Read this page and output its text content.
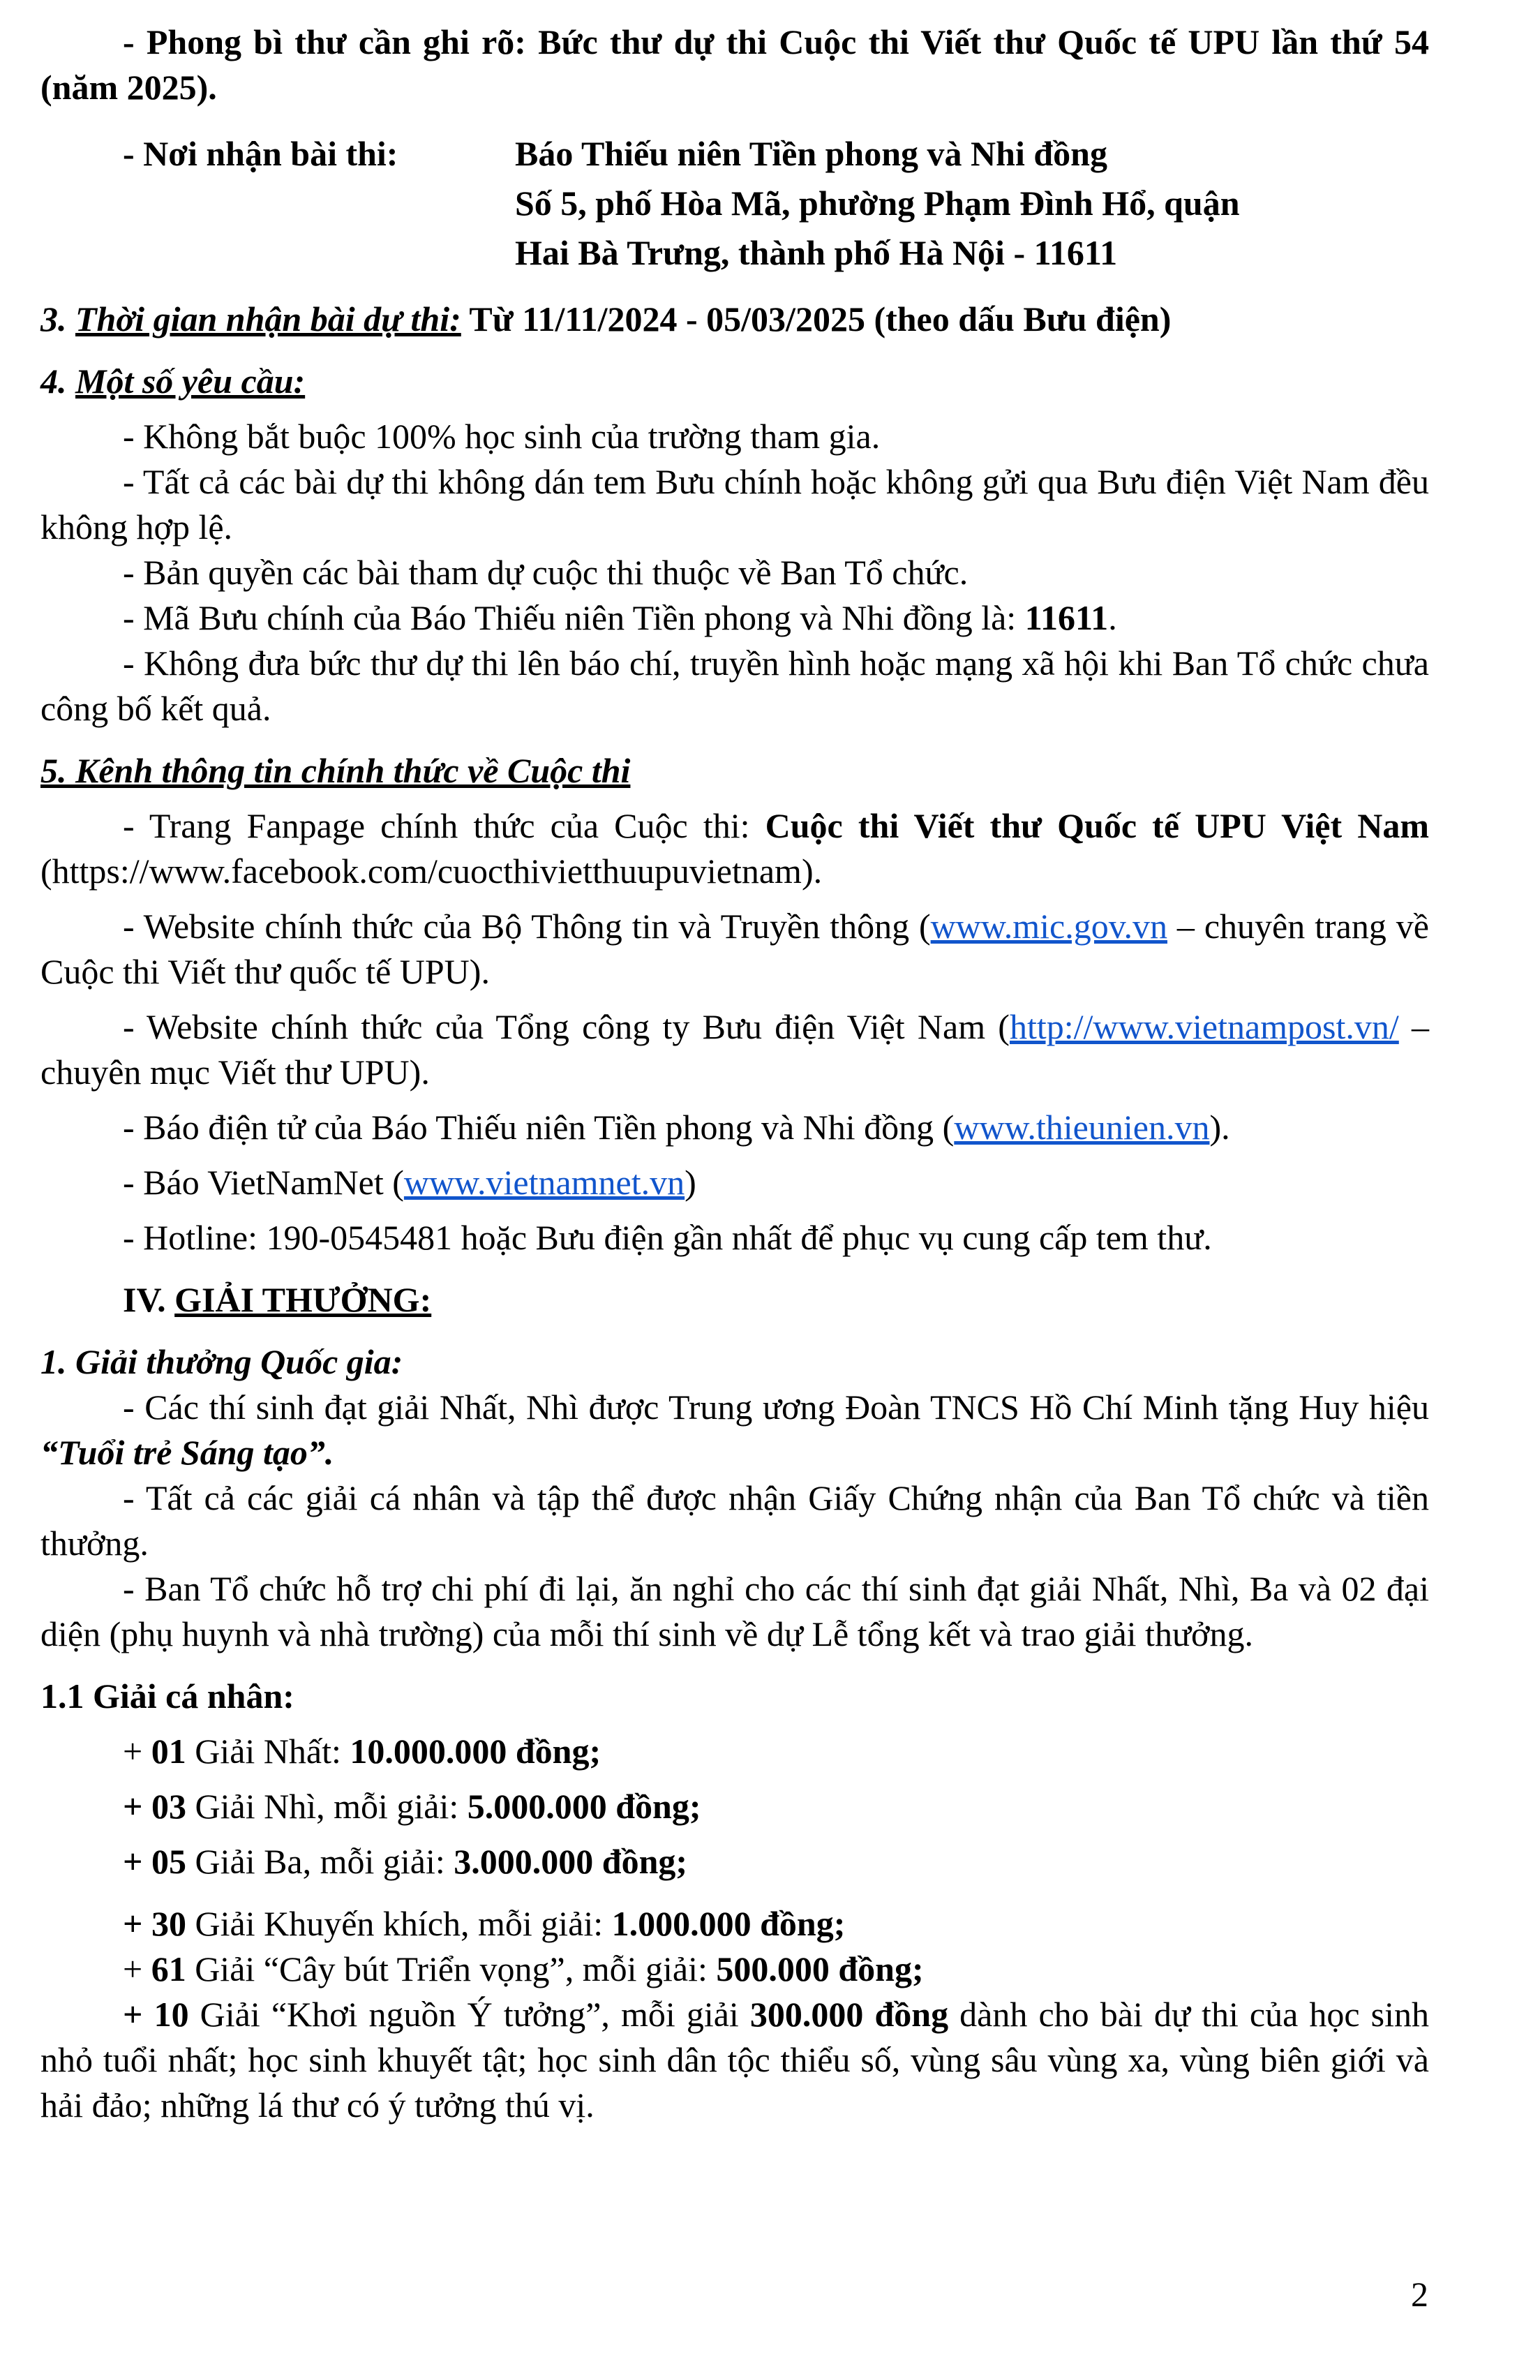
- Phong bì thư cần ghi rõ: Bức thư dự thi Cuộc thi Viết thư Quốc tế UPU lần thứ 54 (năm 2025).

- Nơi nhận bài thi:	Báo Thiếu niên Tiền phong và Nhi đồng
Số 5, phố Hòa Mã, phường Phạm Đình Hổ, quận
Hai Bà Trưng, thành phố Hà Nội - 11611

3. Thời gian nhận bài dự thi: Từ 11/11/2024 - 05/03/2025 (theo dấu Bưu điện)

4. Một số yêu cầu:

- Không bắt buộc 100% học sinh của trường tham gia.

- Tất cả các bài dự thi không dán tem Bưu chính hoặc không gửi qua Bưu điện Việt Nam đều không hợp lệ.

- Bản quyền các bài tham dự cuộc thi thuộc về Ban Tổ chức.

- Mã Bưu chính của Báo Thiếu niên Tiền phong và Nhi đồng là: 11611.

- Không đưa bức thư dự thi lên báo chí, truyền hình hoặc mạng xã hội khi Ban Tổ chức chưa công bố kết quả.

5. Kênh thông tin chính thức về Cuộc thi

- Trang Fanpage chính thức của Cuộc thi: Cuộc thi Viết thư Quốc tế UPU Việt Nam (https://www.facebook.com/cuocthivietthuupuvietnam).

- Website chính thức của Bộ Thông tin và Truyền thông (www.mic.gov.vn – chuyên trang về Cuộc thi Viết thư quốc tế UPU).

- Website chính thức của Tổng công ty Bưu điện Việt Nam (http://www.vietnampost.vn/ – chuyên mục Viết thư UPU).

- Báo điện tử của Báo Thiếu niên Tiền phong và Nhi đồng (www.thieunien.vn).

- Báo VietNamNet (www.vietnamnet.vn)

- Hotline: 190-0545481 hoặc Bưu điện gần nhất để phục vụ cung cấp tem thư.

IV. GIẢI THƯỞNG:

1. Giải thưởng Quốc gia:

- Các thí sinh đạt giải Nhất, Nhì được Trung ương Đoàn TNCS Hồ Chí Minh tặng Huy hiệu “Tuổi trẻ Sáng tạo”.

- Tất cả các giải cá nhân và tập thể được nhận Giấy Chứng nhận của Ban Tổ chức và tiền thưởng.

- Ban Tổ chức hỗ trợ chi phí đi lại, ăn nghỉ cho các thí sinh đạt giải Nhất, Nhì, Ba và 02 đại diện (phụ huynh và nhà trường) của mỗi thí sinh về dự Lễ tổng kết và trao giải thưởng.

1.1 Giải cá nhân:

+ 01 Giải Nhất: 10.000.000 đồng;

+ 03 Giải Nhì, mỗi giải: 5.000.000 đồng;

+ 05 Giải Ba, mỗi giải: 3.000.000 đồng;

+ 30 Giải Khuyến khích, mỗi giải: 1.000.000 đồng;

+ 61 Giải “Cây bút Triển vọng”, mỗi giải: 500.000 đồng;

+ 10 Giải “Khơi nguồn Ý tưởng”, mỗi giải 300.000 đồng dành cho bài dự thi của học sinh nhỏ tuổi nhất; học sinh khuyết tật; học sinh dân tộc thiểu số, vùng sâu vùng xa, vùng biên giới và hải đảo; những lá thư có ý tưởng thú vị.

2
